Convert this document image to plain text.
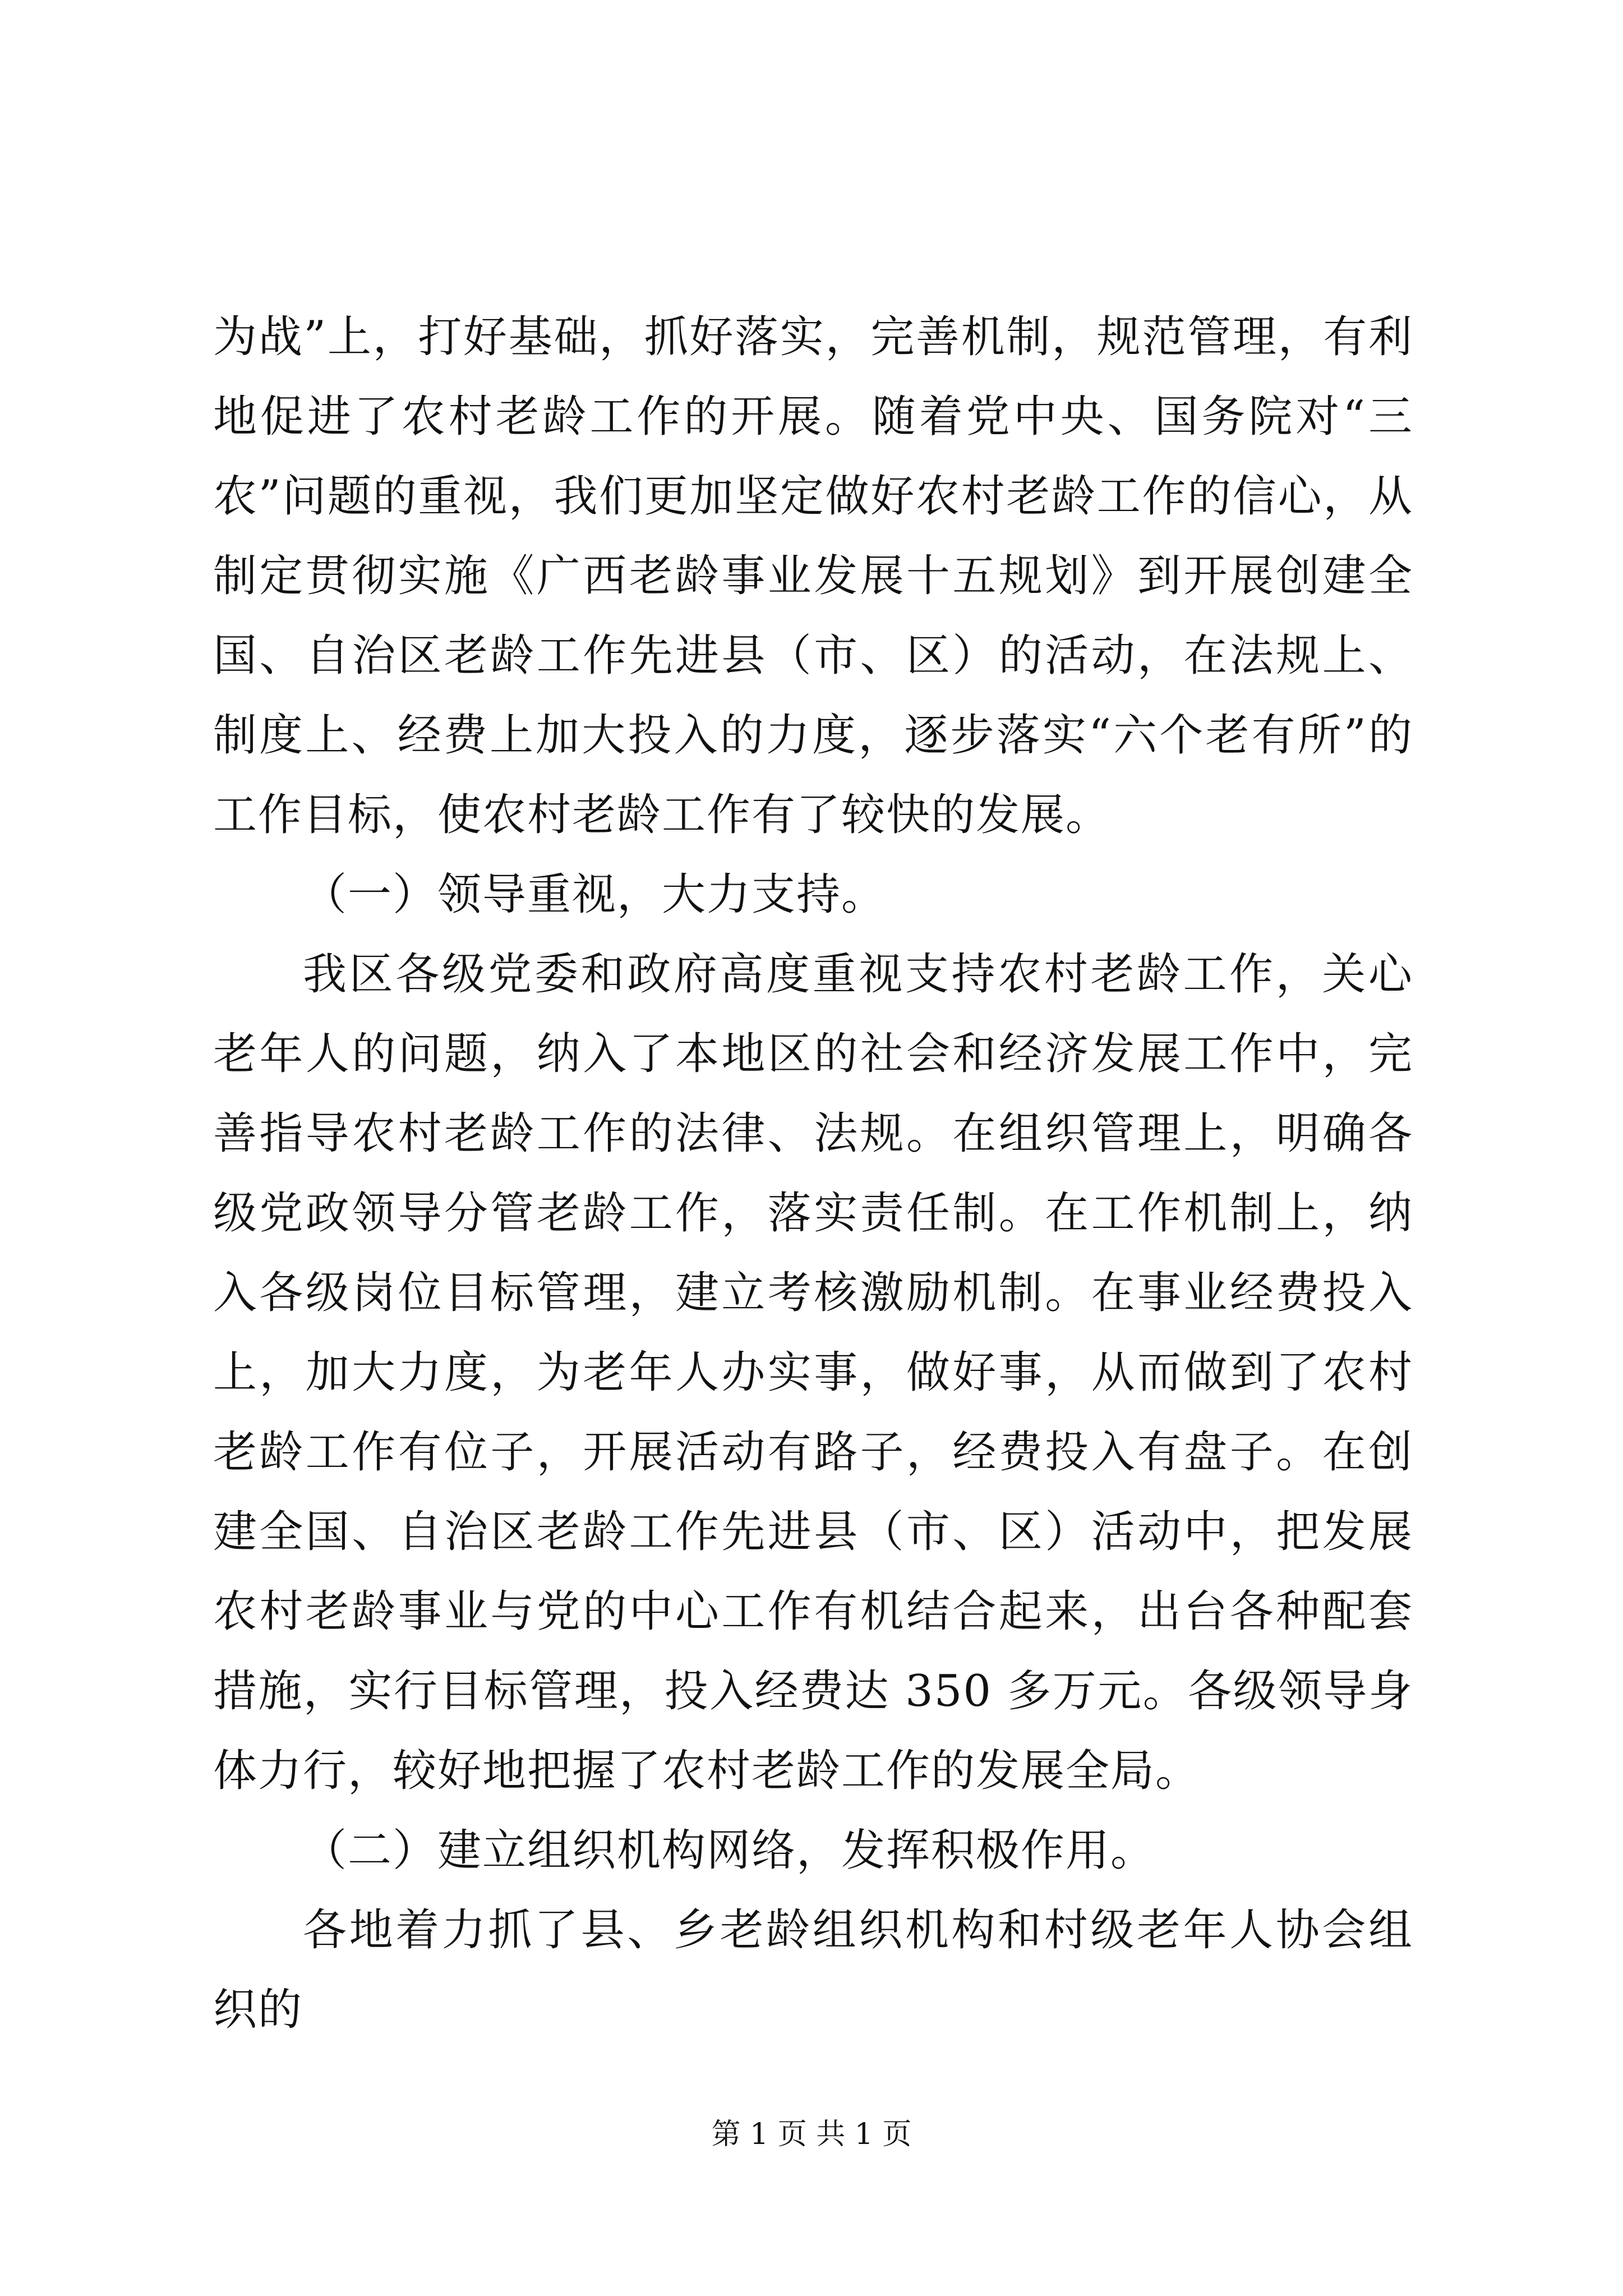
为战”上，打好基础，抓好落实，完善机制，规范管理，有利地促进了农村老龄工作的开展。随着党中央、国务院对“三农”问题的重视，我们更加坚定做好农村老龄工作的信心，从制定贯彻实施《广西老龄事业发展十五规划》到开展创建全国、自治区老龄工作先进县（市、区）的活动，在法规上、制度上、经费上加大投入的力度，逐步落实“六个老有所”的工作目标，使农村老龄工作有了较快的发展。

（一）领导重视，大力支持。

我区各级党委和政府高度重视支持农村老龄工作，关心老年人的问题，纳入了本地区的社会和经济发展工作中，完善指导农村老龄工作的法律、法规。在组织管理上，明确各级党政领导分管老龄工作，落实责任制。在工作机制上，纳入各级岗位目标管理，建立考核激励机制。在事业经费投入上，加大力度，为老年人办实事，做好事，从而做到了农村老龄工作有位子，开展活动有路子，经费投入有盘子。在创建全国、自治区老龄工作先进县（市、区）活动中，把发展农村老龄事业与党的中心工作有机结合起来，出台各种配套措施，实行目标管理，投入经费达 350 多万元。各级领导身体力行，较好地把握了农村老龄工作的发展全局。

（二）建立组织机构网络，发挥积极作用。

各地着力抓了县、乡老龄组织机构和村级老年人协会组织的

第 1 页 共 1 页
